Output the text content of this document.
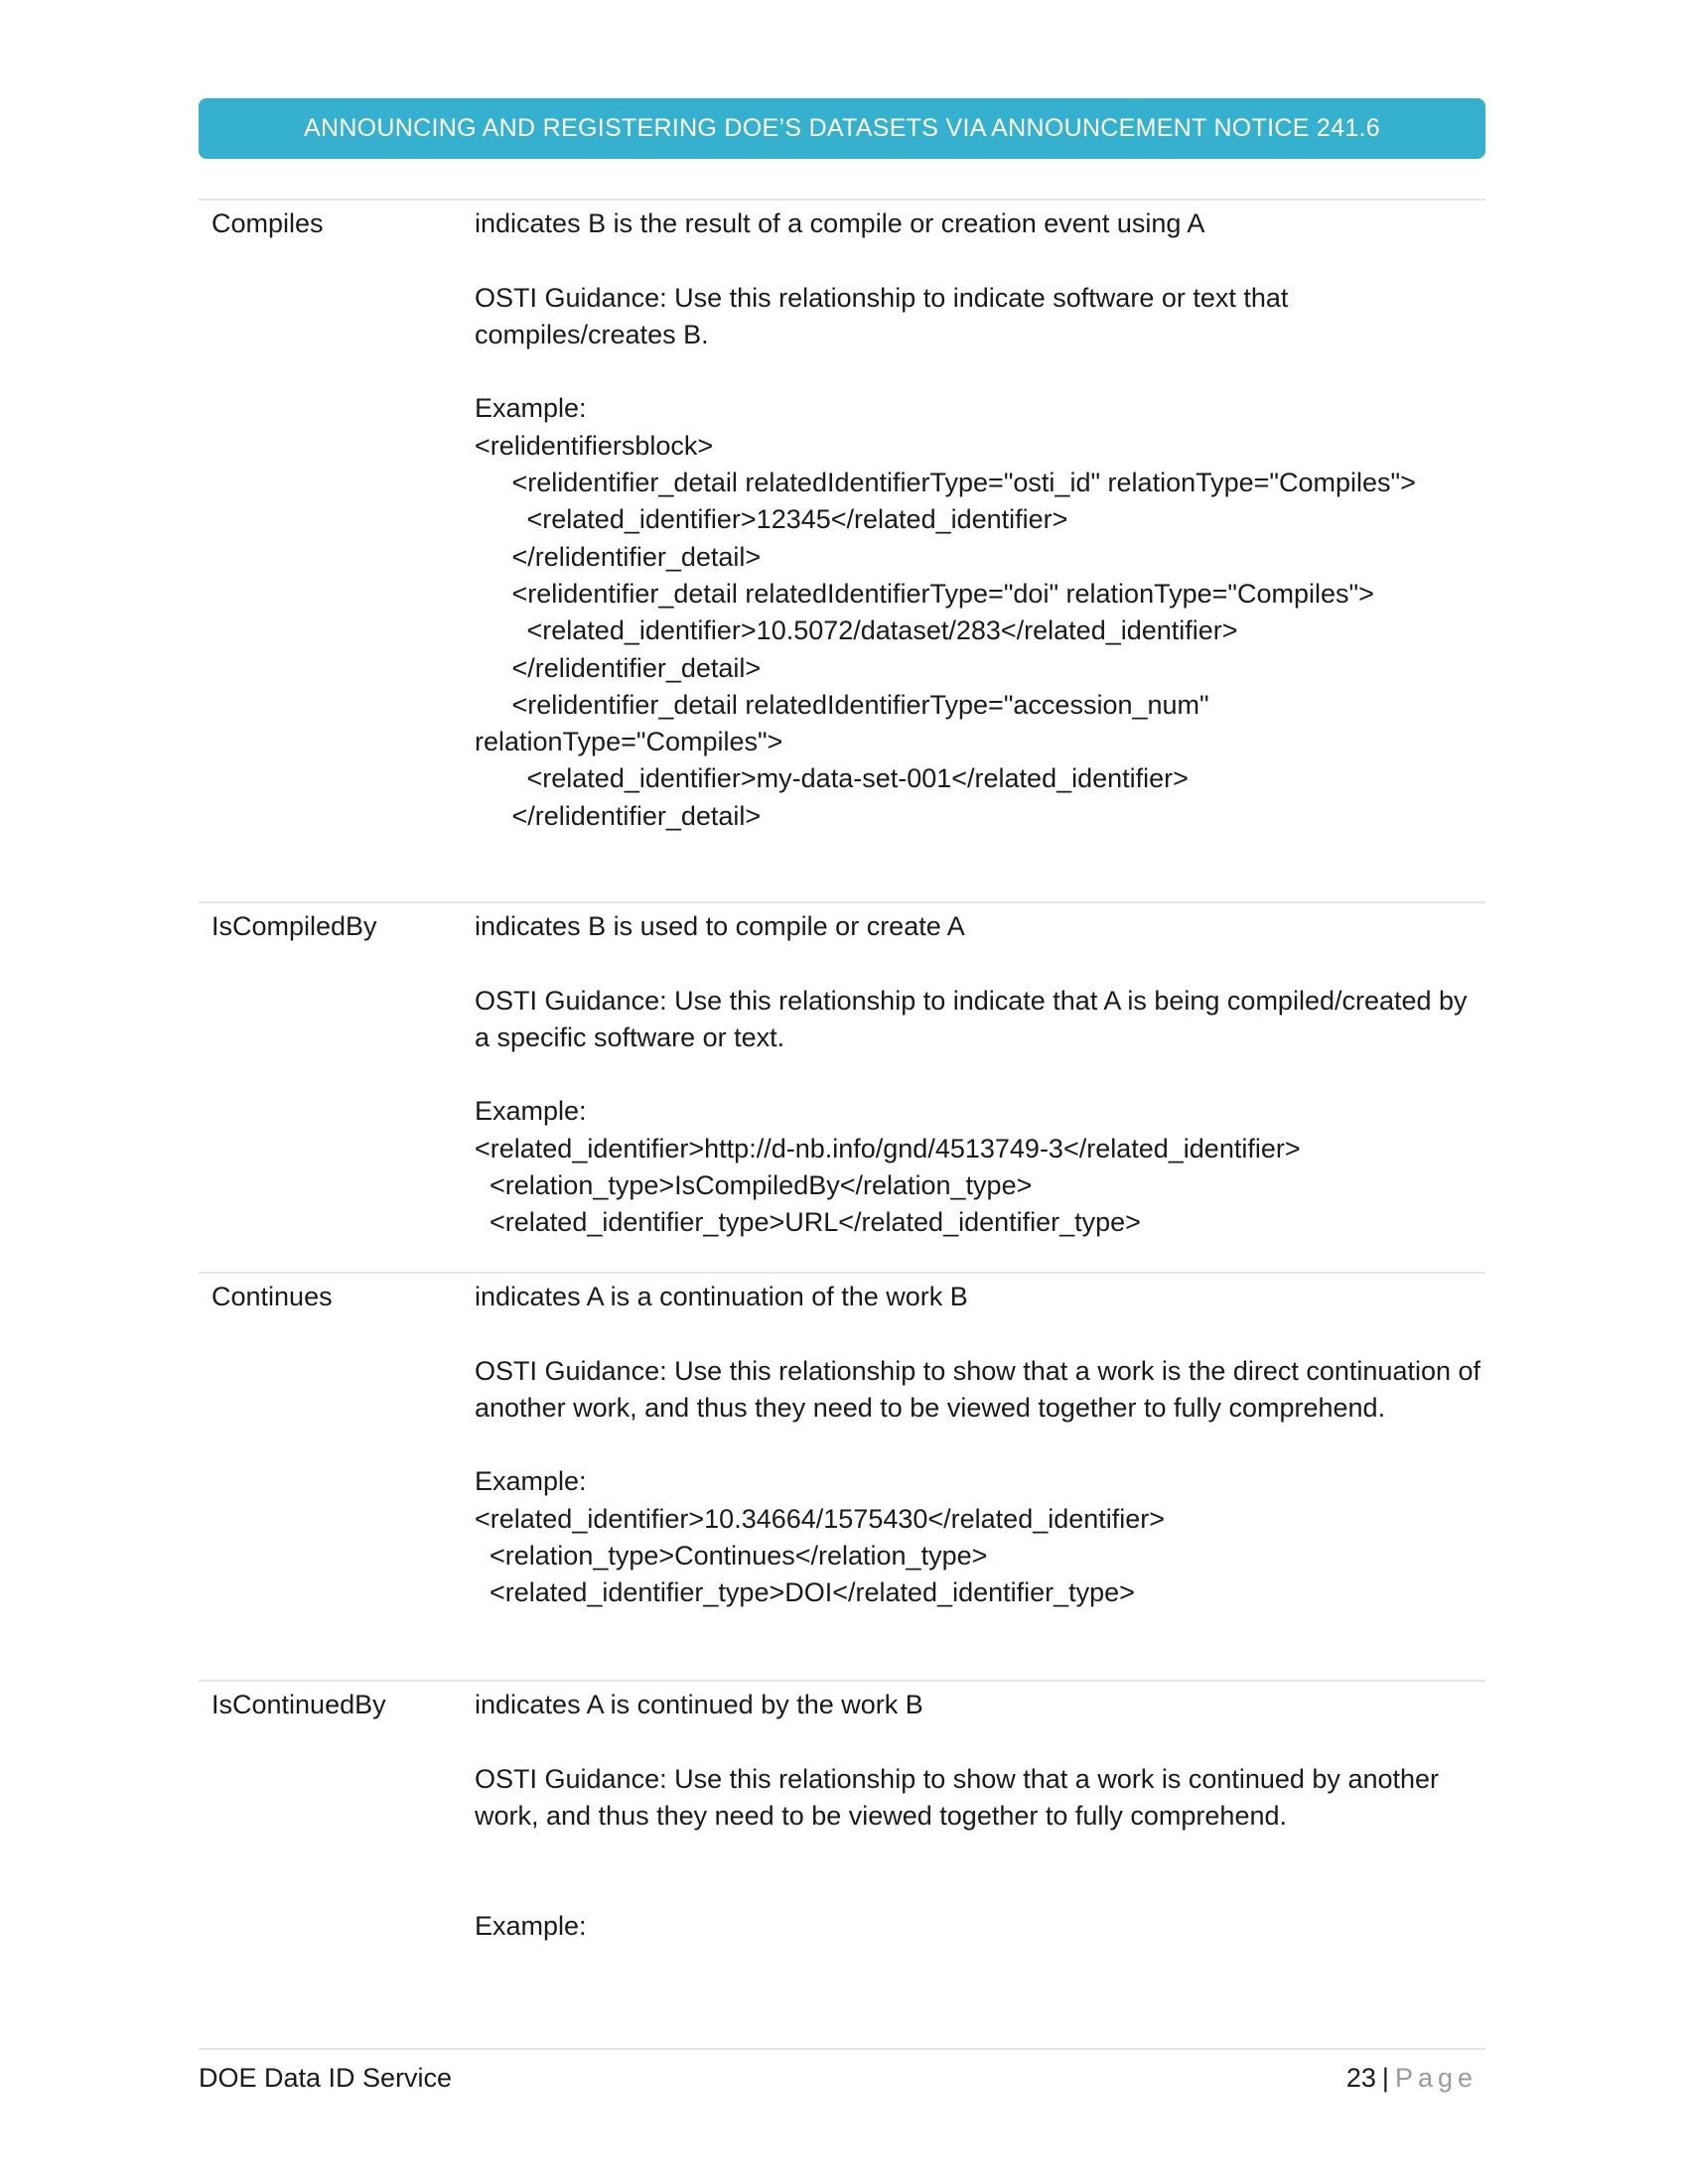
ANNOUNCING AND REGISTERING DOE’S DATASETS VIA ANNOUNCEMENT NOTICE 241.6
Compiles	indicates B is the result of a compile or creation event using A

OSTI Guidance: Use this relationship to indicate software or text that compiles/creates B.

Example:
<relidentifiersblock>
<relidentifier_detail relatedIdentifierType="osti_id" relationType="Compiles">
<related_identifier>12345</related_identifier>
</relidentifier_detail>
<relidentifier_detail relatedIdentifierType="doi" relationType="Compiles">
<related_identifier>10.5072/dataset/283</related_identifier>
</relidentifier_detail>
<relidentifier_detail relatedIdentifierType="accession_num" relationType="Compiles">
<related_identifier>my-data-set-001</related_identifier>
</relidentifier_detail>
IsCompiledBy	indicates B is used to compile or create A

OSTI Guidance: Use this relationship to indicate that A is being compiled/created by a specific software or text.

Example:
<related_identifier>http://d-nb.info/gnd/4513749-3</related_identifier>
<relation_type>IsCompiledBy</relation_type>
<related_identifier_type>URL</related_identifier_type>
Continues	indicates A is a continuation of the work B

OSTI Guidance: Use this relationship to show that a work is the direct continuation of another work, and thus they need to be viewed together to fully comprehend.

Example:
<related_identifier>10.34664/1575430</related_identifier>
<relation_type>Continues</relation_type>
<related_identifier_type>DOI</related_identifier_type>
IsContinuedBy	indicates A is continued by the work B

OSTI Guidance: Use this relationship to show that a work is continued by another work, and thus they need to be viewed together to fully comprehend.

Example:
DOE Data ID Service	23 | Page
